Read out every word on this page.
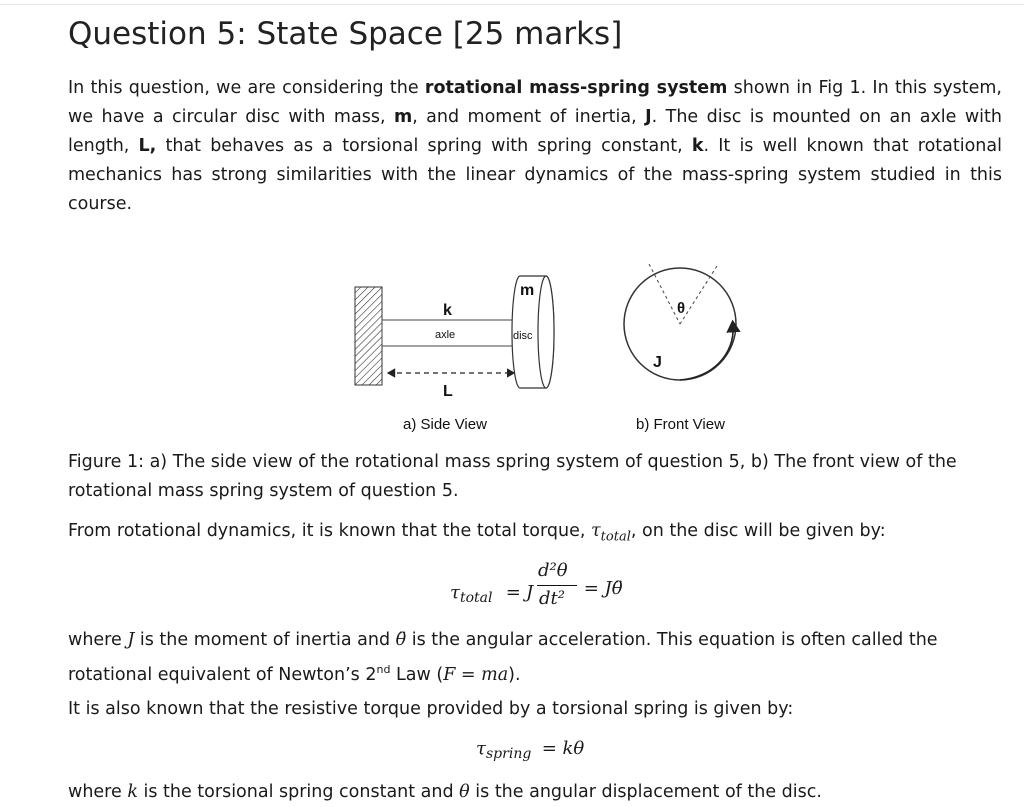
Question 5: State Space [25 marks]

In this question, we are considering the rotational mass-spring system shown in Fig 1. In this system, we have a circular disc with mass, m, and moment of inertia, J. The disc is mounted on an axle with length, L, that behaves as a torsional spring with spring constant, k. It is well known that rotational mechanics has strong similarities with the linear dynamics of the mass-spring system studied in this course.

k
axle	disc
m
L
θ
J
a) Side View	b) Front View

Figure 1: a) The side view of the rotational mass spring system of question 5, b) The front view of the rotational mass spring system of question 5.

From rotational dynamics, it is known that the total torque, $\tau_{total}$, on the disc will be given by:

τ total = J
d²θ
dt² = Jθ̈

where J is the moment of inertia and θ̈ is the angular acceleration. This equation is often called the rotational equivalent of Newton’s 2nd Law (F = ma).

It is also known that the resistive torque provided by a torsional spring is given by:

τ spring = kθ

where k is the torsional spring constant and θ is the angular displacement of the disc.
